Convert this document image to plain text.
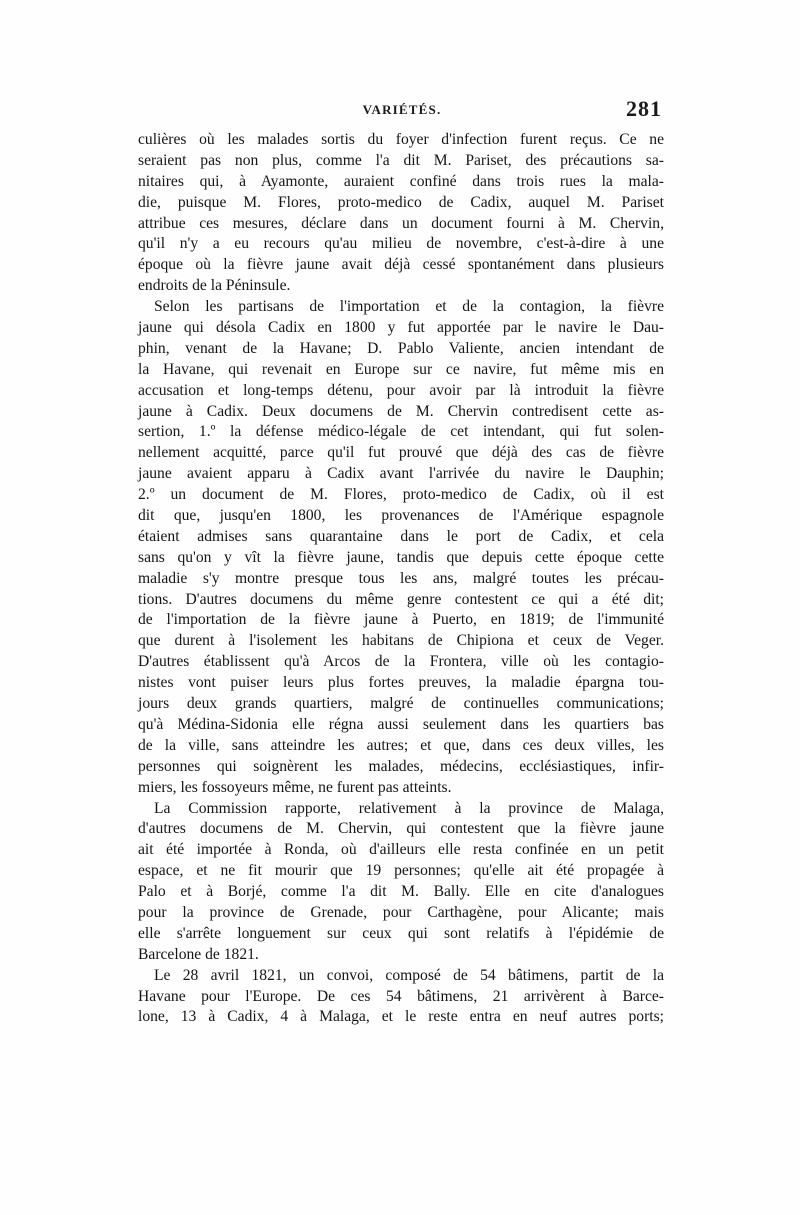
VARIÉTÉS.	281
culières où les malades sortis du foyer d'infection furent reçus. Ce ne
seraient pas non plus, comme l'a dit M. Pariset, des précautions sa-
nitaires qui, à Ayamonte, auraient confiné dans trois rues la mala-
die, puisque M. Flores, proto-medico de Cadix, auquel M. Pariset
attribue ces mesures, déclare dans un document fourni à M. Chervin,
qu'il n'y a eu recours qu'au milieu de novembre, c'est-à-dire à une
époque où la fièvre jaune avait déjà cessé spontanément dans plusieurs
endroits de la Péninsule.
Selon les partisans de l'importation et de la contagion, la fièvre
jaune qui désola Cadix en 1800 y fut apportée par le navire le Dau-
phin, venant de la Havane; D. Pablo Valiente, ancien intendant de
la Havane, qui revenait en Europe sur ce navire, fut même mis en
accusation et long-temps détenu, pour avoir par là introduit la fièvre
jaune à Cadix. Deux documens de M. Chervin contredisent cette as-
sertion, 1.º la défense médico-légale de cet intendant, qui fut solen-
nellement acquitté, parce qu'il fut prouvé que déjà des cas de fièvre
jaune avaient apparu à Cadix avant l'arrivée du navire le Dauphin;
2.º un document de M. Flores, proto-medico de Cadix, où il est
dit que, jusqu'en 1800, les provenances de l'Amérique espagnole
étaient admises sans quarantaine dans le port de Cadix, et cela
sans qu'on y vît la fièvre jaune, tandis que depuis cette époque cette
maladie s'y montre presque tous les ans, malgré toutes les précau-
tions. D'autres documens du même genre contestent ce qui a été dit;
de l'importation de la fièvre jaune à Puerto, en 1819; de l'immunité
que durent à l'isolement les habitans de Chipiona et ceux de Veger.
D'autres établissent qu'à Arcos de la Frontera, ville où les contagio-
nistes vont puiser leurs plus fortes preuves, la maladie épargna tou-
jours deux grands quartiers, malgré de continuelles communications;
qu'à Médina-Sidonia elle régna aussi seulement dans les quartiers bas
de la ville, sans atteindre les autres; et que, dans ces deux villes, les
personnes qui soignèrent les malades, médecins, ecclésiastiques, infir-
miers, les fossoyeurs même, ne furent pas atteints.
La Commission rapporte, relativement à la province de Malaga,
d'autres documens de M. Chervin, qui contestent que la fièvre jaune
ait été importée à Ronda, où d'ailleurs elle resta confinée en un petit
espace, et ne fit mourir que 19 personnes; qu'elle ait été propagée à
Palo et à Borjé, comme l'a dit M. Bally. Elle en cite d'analogues
pour la province de Grenade, pour Carthagène, pour Alicante; mais
elle s'arrête longuement sur ceux qui sont relatifs à l'épidémie de
Barcelone de 1821.
Le 28 avril 1821, un convoi, composé de 54 bâtimens, partit de la
Havane pour l'Europe. De ces 54 bâtimens, 21 arrivèrent à Barce-
lone, 13 à Cadix, 4 à Malaga, et le reste entra en neuf autres ports;
